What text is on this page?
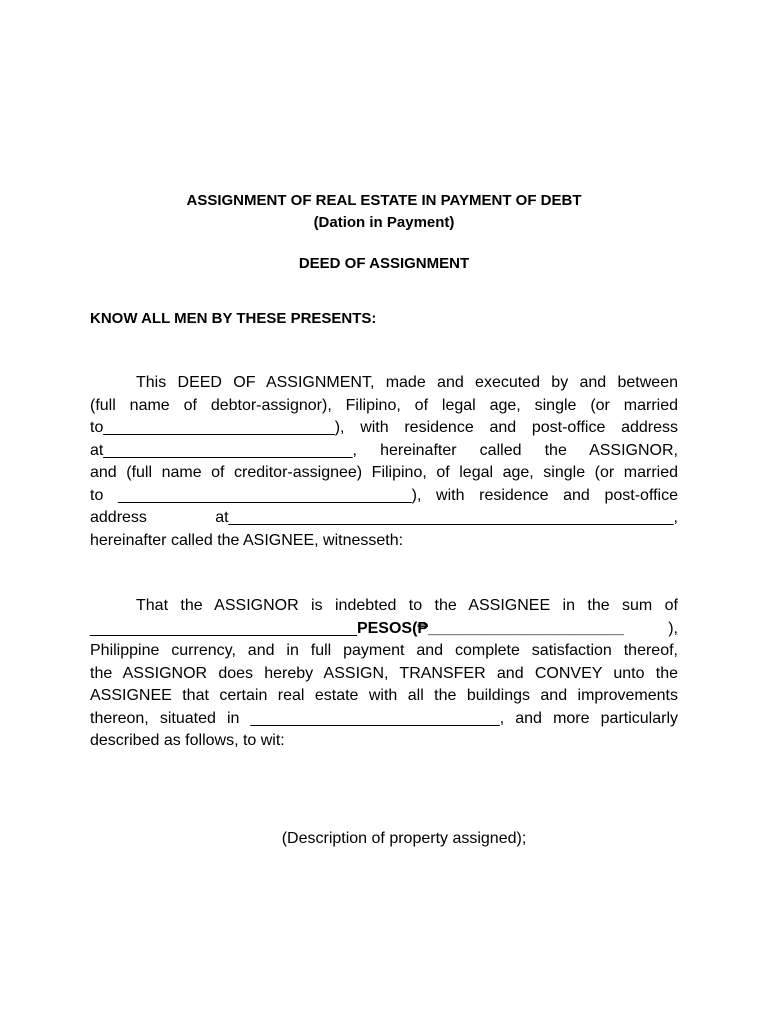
ASSIGNMENT OF REAL ESTATE IN PAYMENT OF DEBT
(Dation in Payment)
DEED OF ASSIGNMENT
KNOW ALL MEN BY THESE PRESENTS:
This DEED OF ASSIGNMENT, made and executed by and between
(full name of debtor-assignor), Filipino, of legal age, single (or married
to__________________________), with residence and post-office address
at____________________________, hereinafter called the ASSIGNOR,
and (full name of creditor-assignee) Filipino, of legal age, single (or married
to _________________________________), with residence and post-office
address	at__________________________________________________,
hereinafter called the ASIGNEE, witnesseth:
That the ASSIGNOR is indebted to the ASSIGNEE in the sum of
______________________________PESOS(₱______________________	),
Philippine currency, and in full payment and complete satisfaction thereof,
the ASSIGNOR does hereby ASSIGN, TRANSFER and CONVEY unto the
ASSIGNEE that certain real estate with all the buildings and improvements
thereon, situated in ____________________________, and more particularly
described as follows, to wit:
(Description of property assigned);
